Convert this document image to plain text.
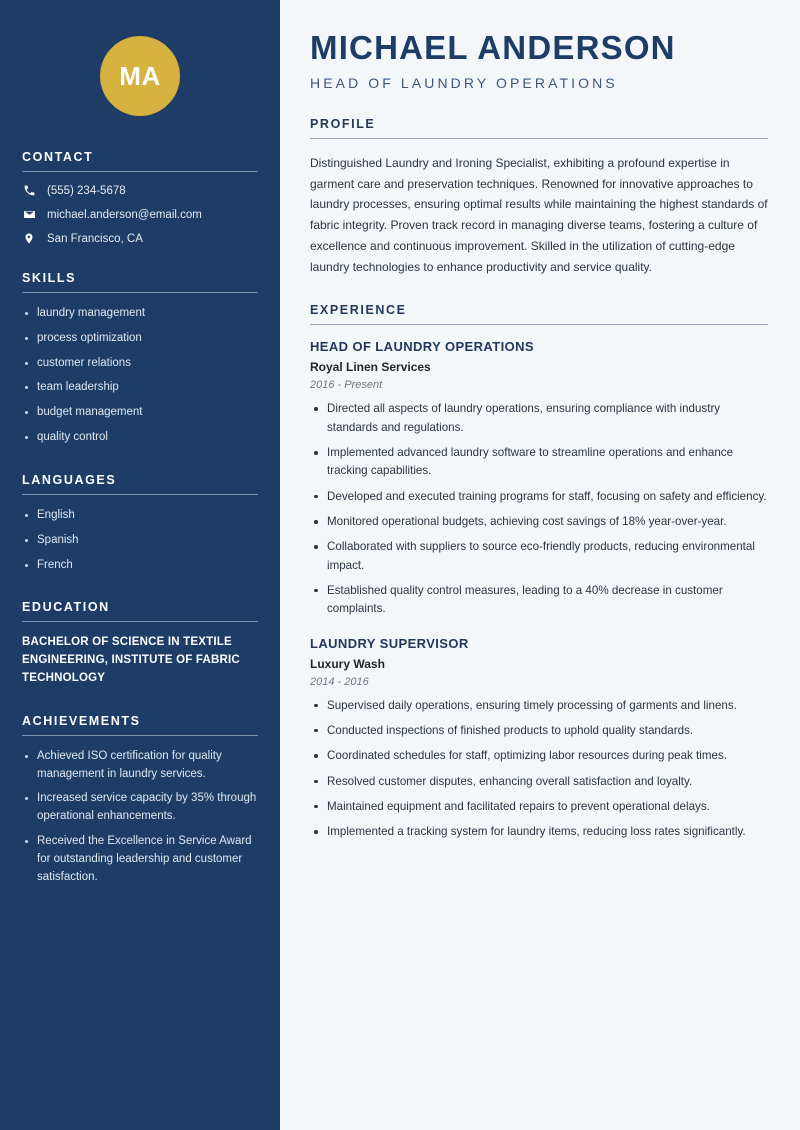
MA
CONTACT
(555) 234-5678
michael.anderson@email.com
San Francisco, CA
SKILLS
laundry management
process optimization
customer relations
team leadership
budget management
quality control
LANGUAGES
English
Spanish
French
EDUCATION
BACHELOR OF SCIENCE IN TEXTILE ENGINEERING, INSTITUTE OF FABRIC TECHNOLOGY
ACHIEVEMENTS
Achieved ISO certification for quality management in laundry services.
Increased service capacity by 35% through operational enhancements.
Received the Excellence in Service Award for outstanding leadership and customer satisfaction.
MICHAEL ANDERSON
HEAD OF LAUNDRY OPERATIONS
PROFILE

Distinguished Laundry and Ironing Specialist, exhibiting a profound expertise in garment care and preservation techniques. Renowned for innovative approaches to laundry processes, ensuring optimal results while maintaining the highest standards of fabric integrity. Proven track record in managing diverse teams, fostering a culture of excellence and continuous improvement. Skilled in the utilization of cutting-edge laundry technologies to enhance productivity and service quality.

EXPERIENCE
HEAD OF LAUNDRY OPERATIONS
Royal Linen Services
2016 - Present
Directed all aspects of laundry operations, ensuring compliance with industry standards and regulations.
Implemented advanced laundry software to streamline operations and enhance tracking capabilities.
Developed and executed training programs for staff, focusing on safety and efficiency.
Monitored operational budgets, achieving cost savings of 18% year-over-year.
Collaborated with suppliers to source eco-friendly products, reducing environmental impact.
Established quality control measures, leading to a 40% decrease in customer complaints.
LAUNDRY SUPERVISOR
Luxury Wash
2014 - 2016
Supervised daily operations, ensuring timely processing of garments and linens.
Conducted inspections of finished products to uphold quality standards.
Coordinated schedules for staff, optimizing labor resources during peak times.
Resolved customer disputes, enhancing overall satisfaction and loyalty.
Maintained equipment and facilitated repairs to prevent operational delays.
Implemented a tracking system for laundry items, reducing loss rates significantly.
